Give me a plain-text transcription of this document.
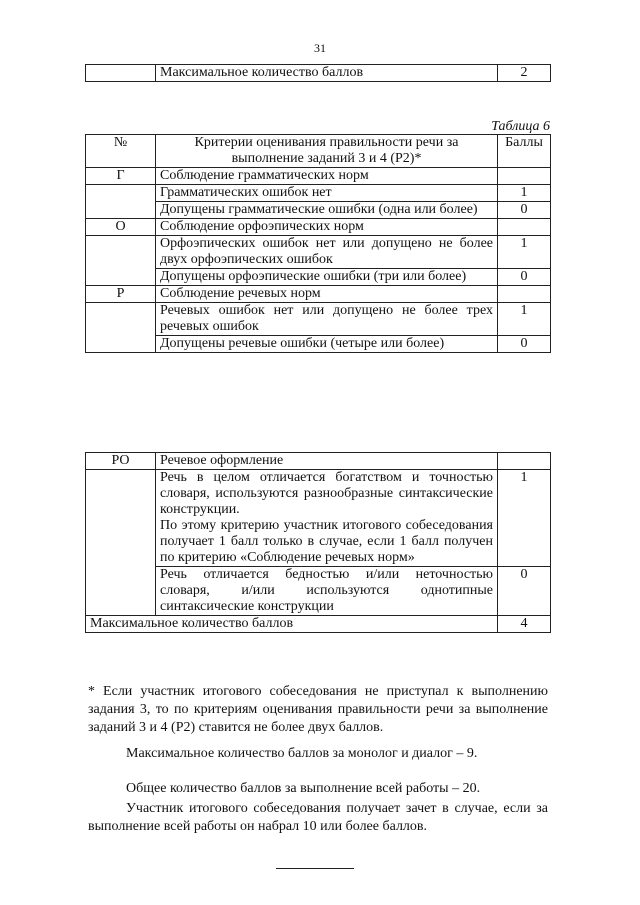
31
	Максимальное количество баллов	2
Таблица 6
№	Критерии оценивания правильности речи за выполнение заданий 3 и 4 (Р2)*	Баллы
Г	Соблюдение грамматических норм	
	Грамматических ошибок нет	1
	Допущены грамматические ошибки (одна или более)	0
О	Соблюдение орфоэпических норм	
	Орфоэпических ошибок нет или допущено не более двух орфоэпических ошибок	1
	Допущены орфоэпические ошибки (три или более)	0
Р	Соблюдение речевых норм	
	Речевых ошибок нет или допущено не более трех речевых ошибок	1
	Допущены речевые ошибки (четыре или более)	0
РО	Речевое оформление	

	Речь в целом отличается богатством и точностью словаря, используются разнообразные синтаксические конструкции.
По этому критерию участник итогового собеседования получает 1 балл только в случае, если 1 балл получен по критерию «Соблюдение речевых норм»	1
	Речь отличается бедностью и/или неточностью словаря, и/или используются однотипные синтаксические конструкции	0
Максимальное количество баллов		4
* Если участник итогового собеседования не приступал к выполнению задания 3, то по критериям оценивания правильности речи за выполнение заданий 3 и 4 (Р2) ставится не более двух баллов.
Максимальное количество баллов за монолог и диалог – 9.
Общее количество баллов за выполнение всей работы – 20.
Участник итогового собеседования получает зачет в случае, если за выполнение всей работы он набрал 10 или более баллов.
